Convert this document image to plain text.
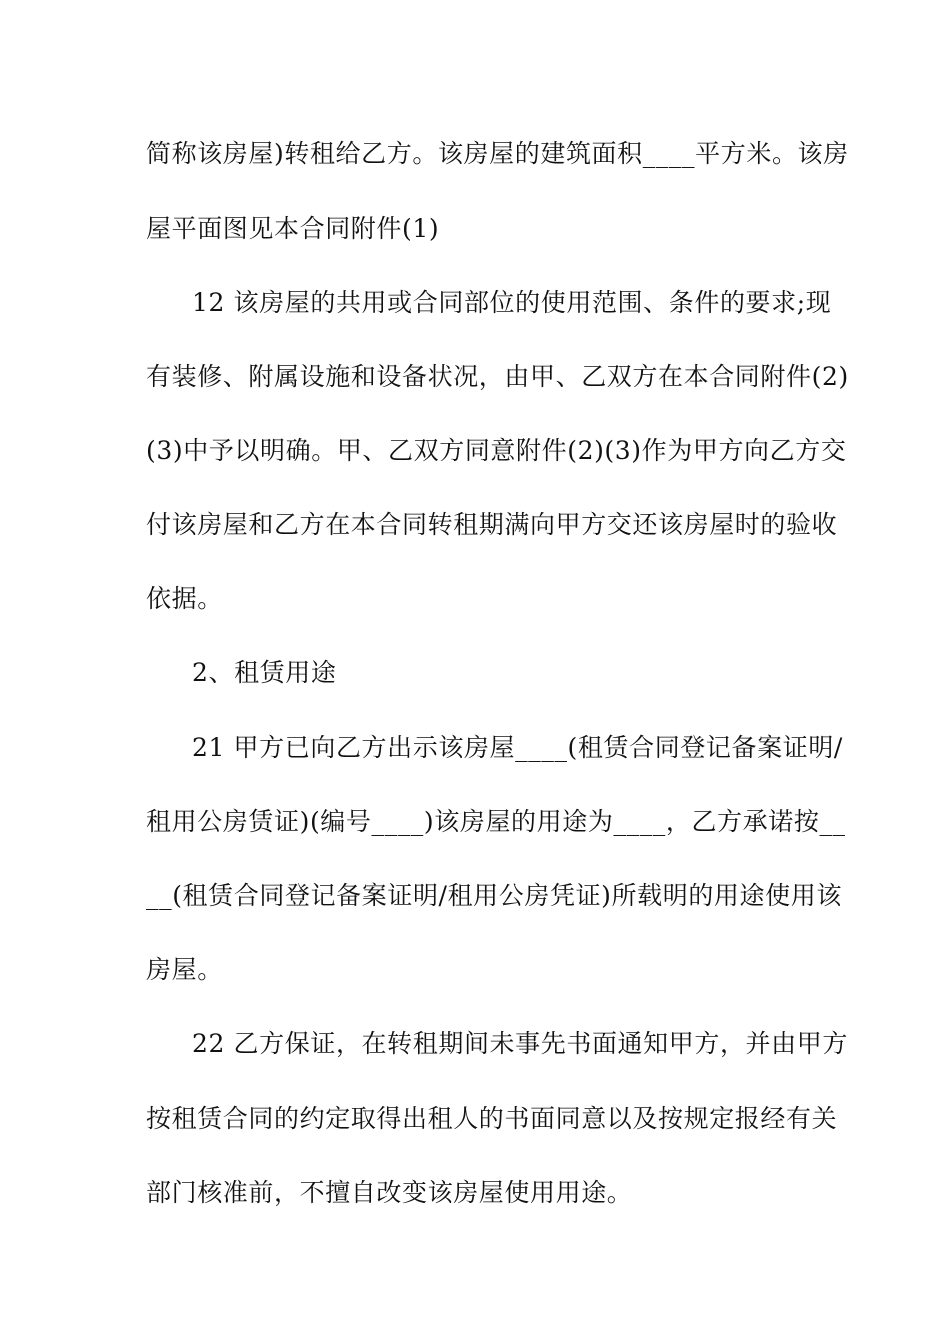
简称该房屋)转租给乙方。该房屋的建筑面积____平方米。该房
屋平面图见本合同附件(1)
12 该房屋的共用或合同部位的使用范围、条件的要求;现
有装修、附属设施和设备状况，由甲、乙双方在本合同附件(2)
(3)中予以明确。甲、乙双方同意附件(2)(3)作为甲方向乙方交
付该房屋和乙方在本合同转租期满向甲方交还该房屋时的验收
依据。
2、租赁用途
21 甲方已向乙方出示该房屋____(租赁合同登记备案证明/
租用公房赁证)(编号____)该房屋的用途为____，乙方承诺按__
__(租赁合同登记备案证明/租用公房凭证)所载明的用途使用该
房屋。
22 乙方保证，在转租期间未事先书面通知甲方，并由甲方
按租赁合同的约定取得出租人的书面同意以及按规定报经有关
部门核准前，不擅自改变该房屋使用用途。
